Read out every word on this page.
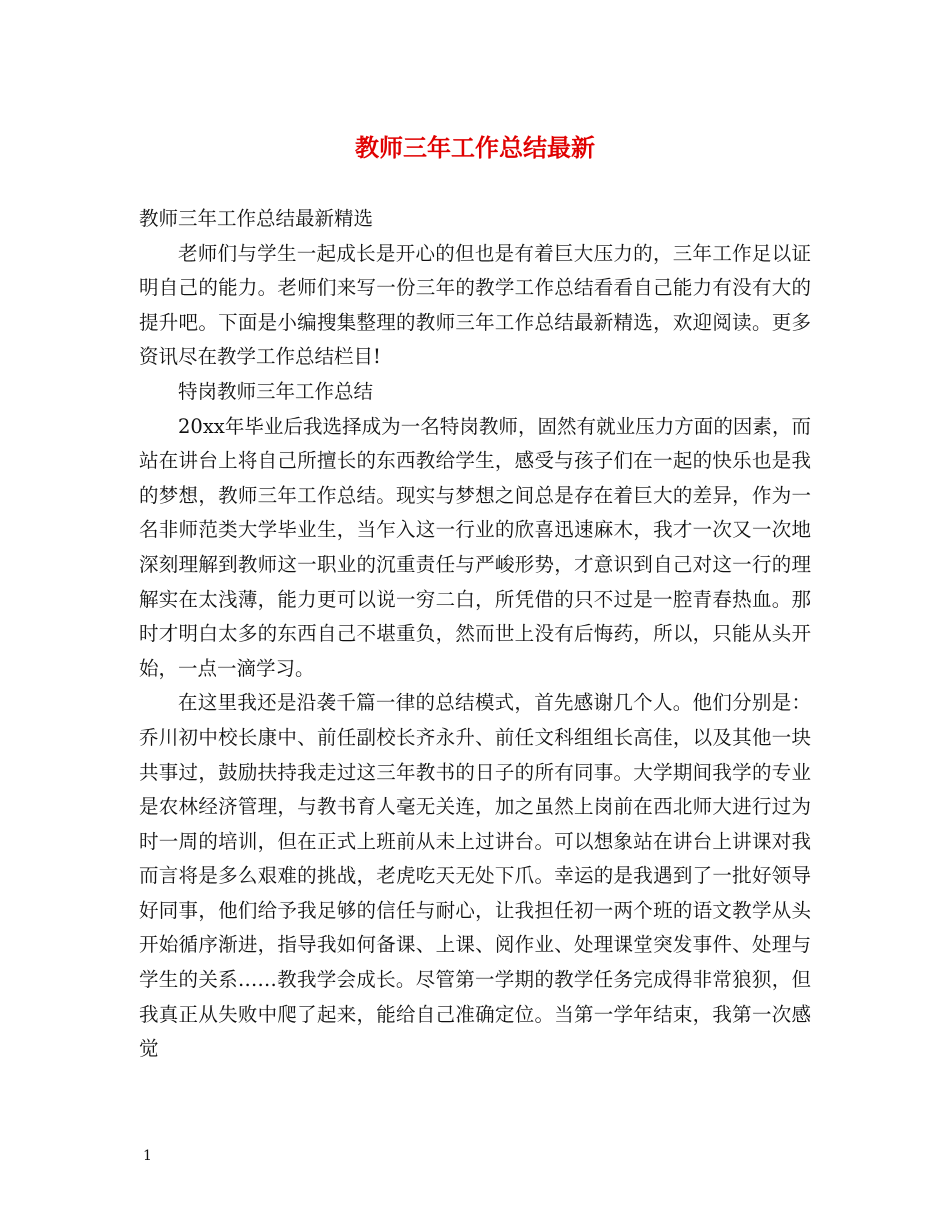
教师三年工作总结最新

教师三年工作总结最新精选

老师们与学生一起成长是开心的但也是有着巨大压力的，三年工作足以证明自己的能力。老师们来写一份三年的教学工作总结看看自己能力有没有大的提升吧。下面是小编搜集整理的教师三年工作总结最新精选，欢迎阅读。更多资讯尽在教学工作总结栏目!

特岗教师三年工作总结

20xx年毕业后我选择成为一名特岗教师，固然有就业压力方面的因素，而站在讲台上将自己所擅长的东西教给学生，感受与孩子们在一起的快乐也是我的梦想，教师三年工作总结。现实与梦想之间总是存在着巨大的差异，作为一名非师范类大学毕业生，当乍入这一行业的欣喜迅速麻木，我才一次又一次地深刻理解到教师这一职业的沉重责任与严峻形势，才意识到自己对这一行的理解实在太浅薄，能力更可以说一穷二白，所凭借的只不过是一腔青春热血。那时才明白太多的东西自己不堪重负，然而世上没有后悔药，所以，只能从头开始，一点一滴学习。

在这里我还是沿袭千篇一律的总结模式，首先感谢几个人。他们分别是：乔川初中校长康中、前任副校长齐永升、前任文科组组长高佳，以及其他一块共事过，鼓励扶持我走过这三年教书的日子的所有同事。大学期间我学的专业是农林经济管理，与教书育人毫无关连，加之虽然上岗前在西北师大进行过为时一周的培训，但在正式上班前从未上过讲台。可以想象站在讲台上讲课对我而言将是多么艰难的挑战，老虎吃天无处下爪。幸运的是我遇到了一批好领导好同事，他们给予我足够的信任与耐心，让我担任初一两个班的语文教学从头开始循序渐进，指导我如何备课、上课、阅作业、处理课堂突发事件、处理与学生的关系……教我学会成长。尽管第一学期的教学任务完成得非常狼狈，但我真正从失败中爬了起来，能给自己准确定位。当第一学年结束，我第一次感觉

1
